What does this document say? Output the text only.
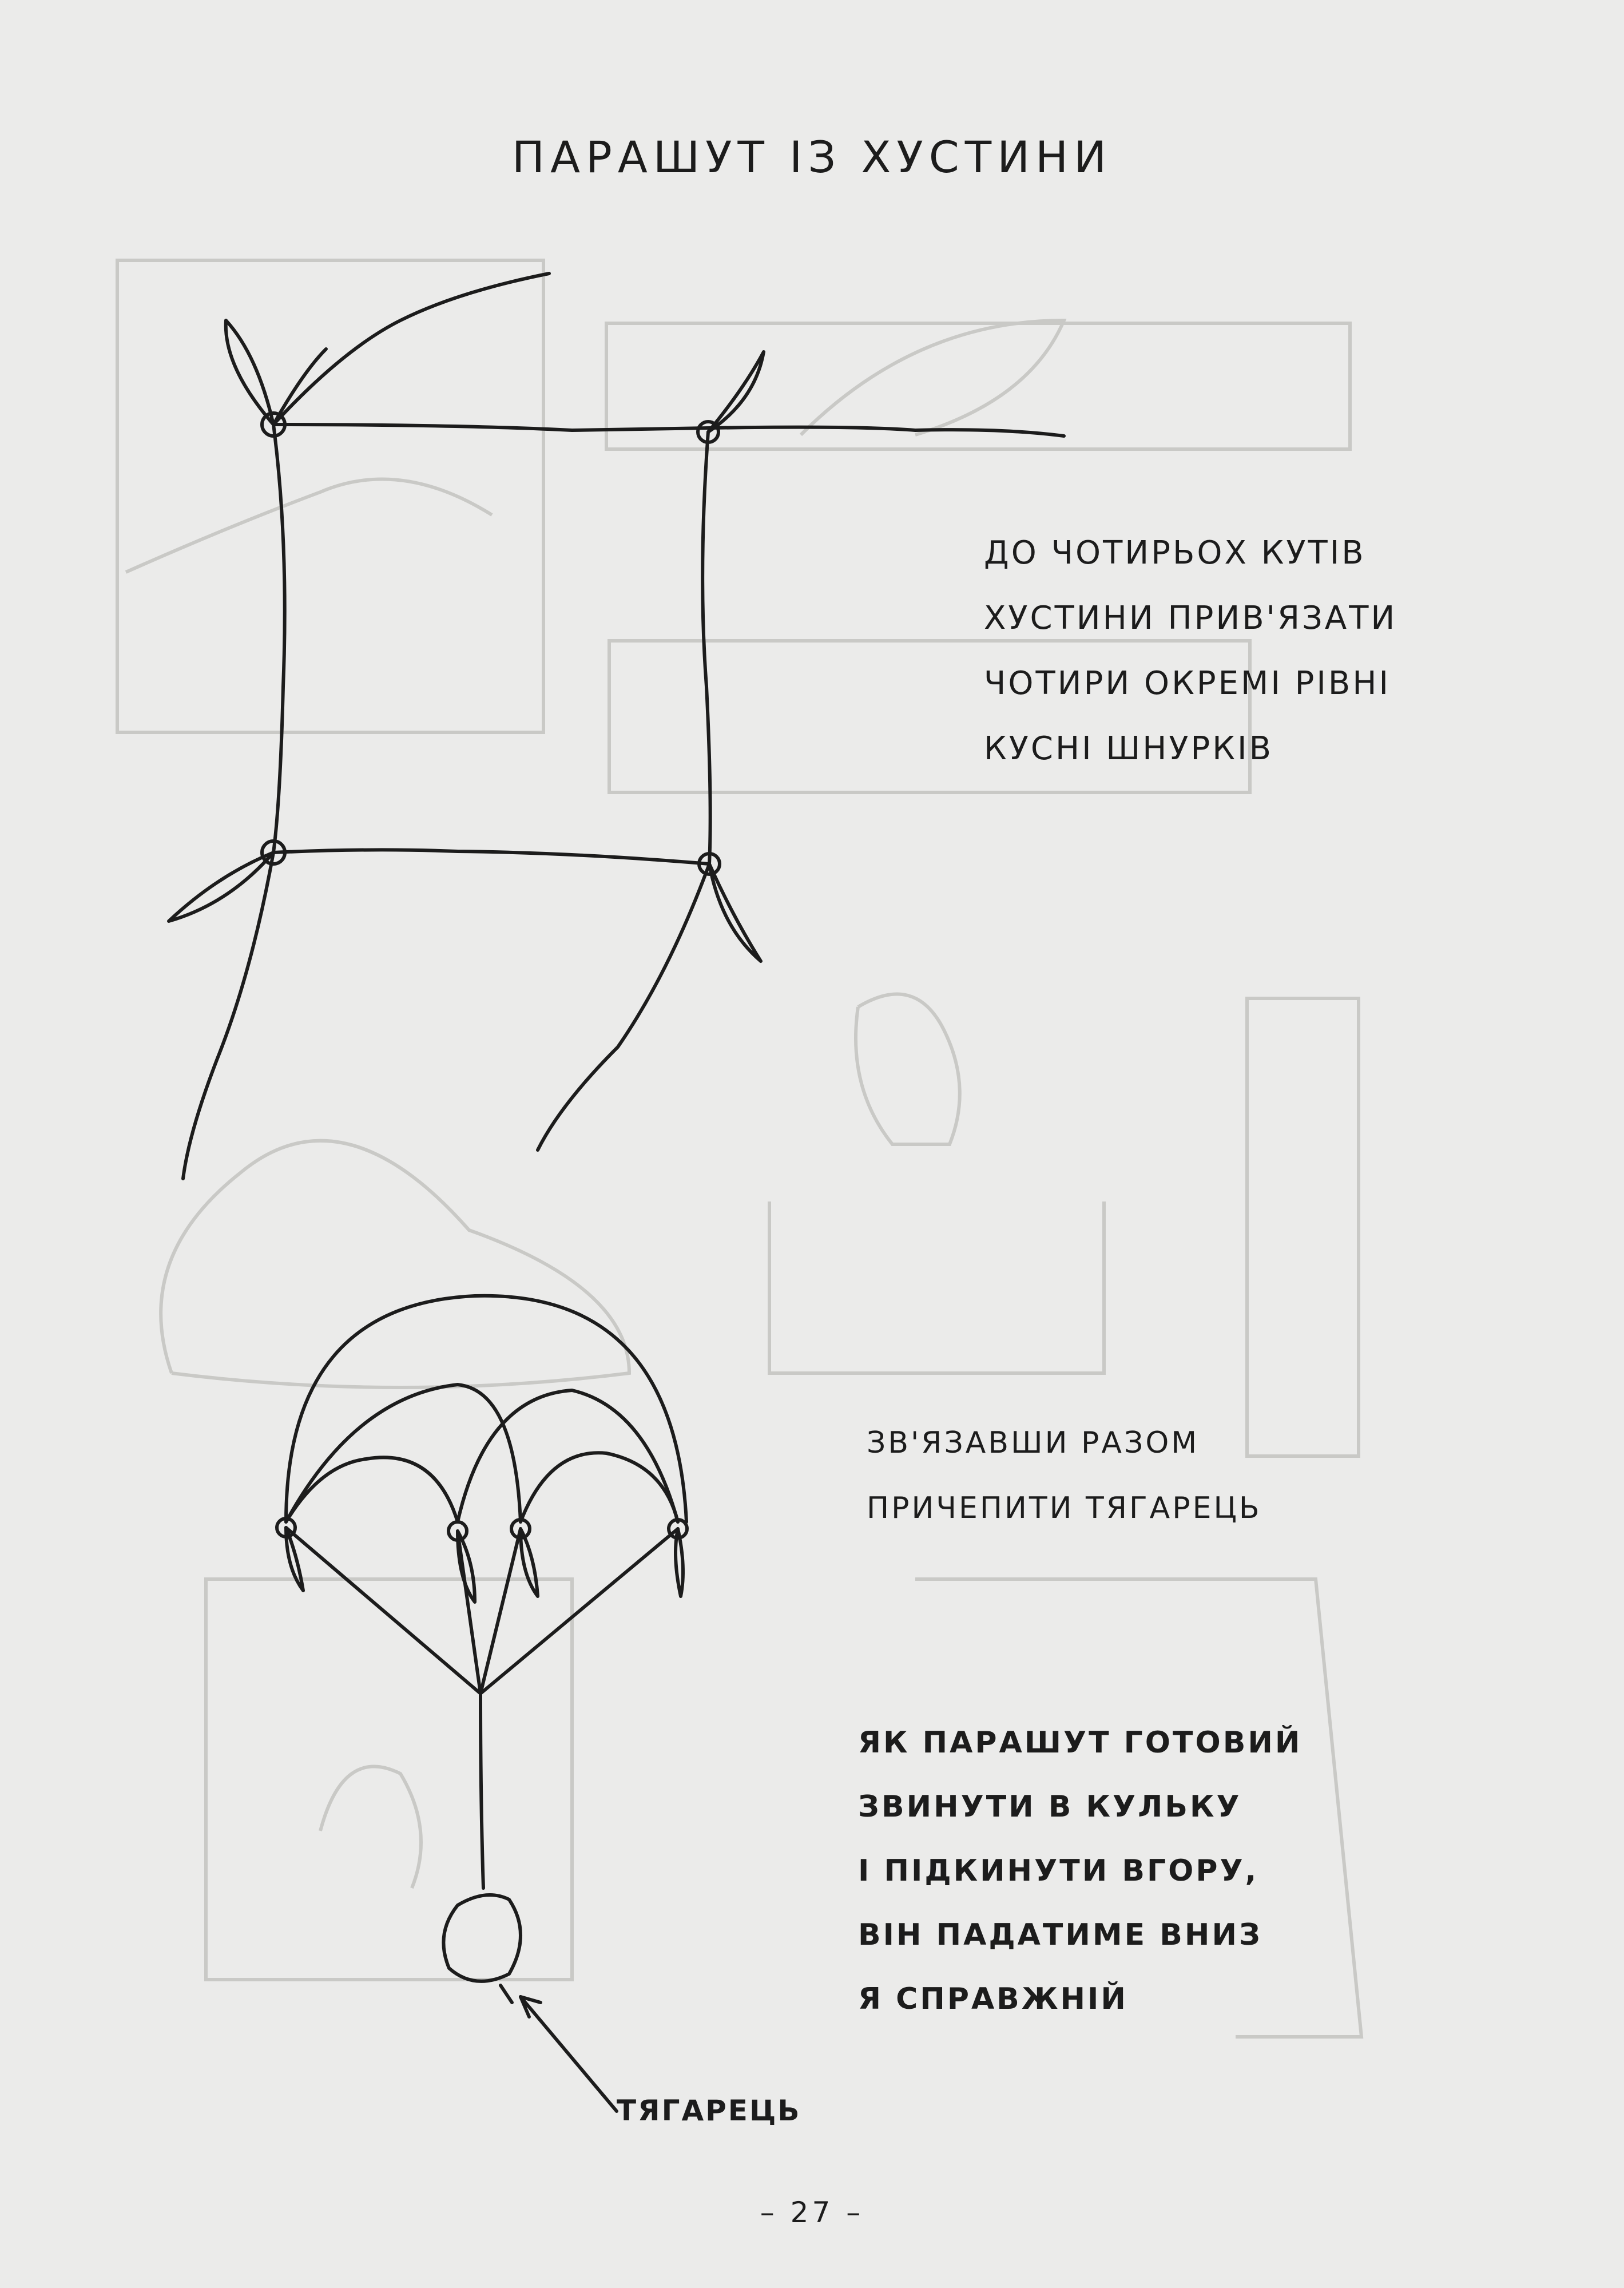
ПАРАШУТ ІЗ ХУСТИНИ
ДО ЧОТИРЬОХ КУТІВ
ХУСТИНИ ПРИВ'ЯЗАТИ
ЧОТИРИ ОКРЕМІ РІВНІ
КУСНІ ШНУРКІВ
ЗВ'ЯЗАВШИ РАЗОМ
ПРИЧЕПИТИ ТЯГАРЕЦЬ
ЯК ПАРАШУТ ГОТОВИЙ
ЗВИНУТИ В КУЛЬКУ
І ПІДКИНУТИ ВГОРУ,
ВІН ПАДАТИМЕ ВНИЗ
Я СПРАВЖНІЙ
ТЯГАРЕЦЬ
– 27 –
